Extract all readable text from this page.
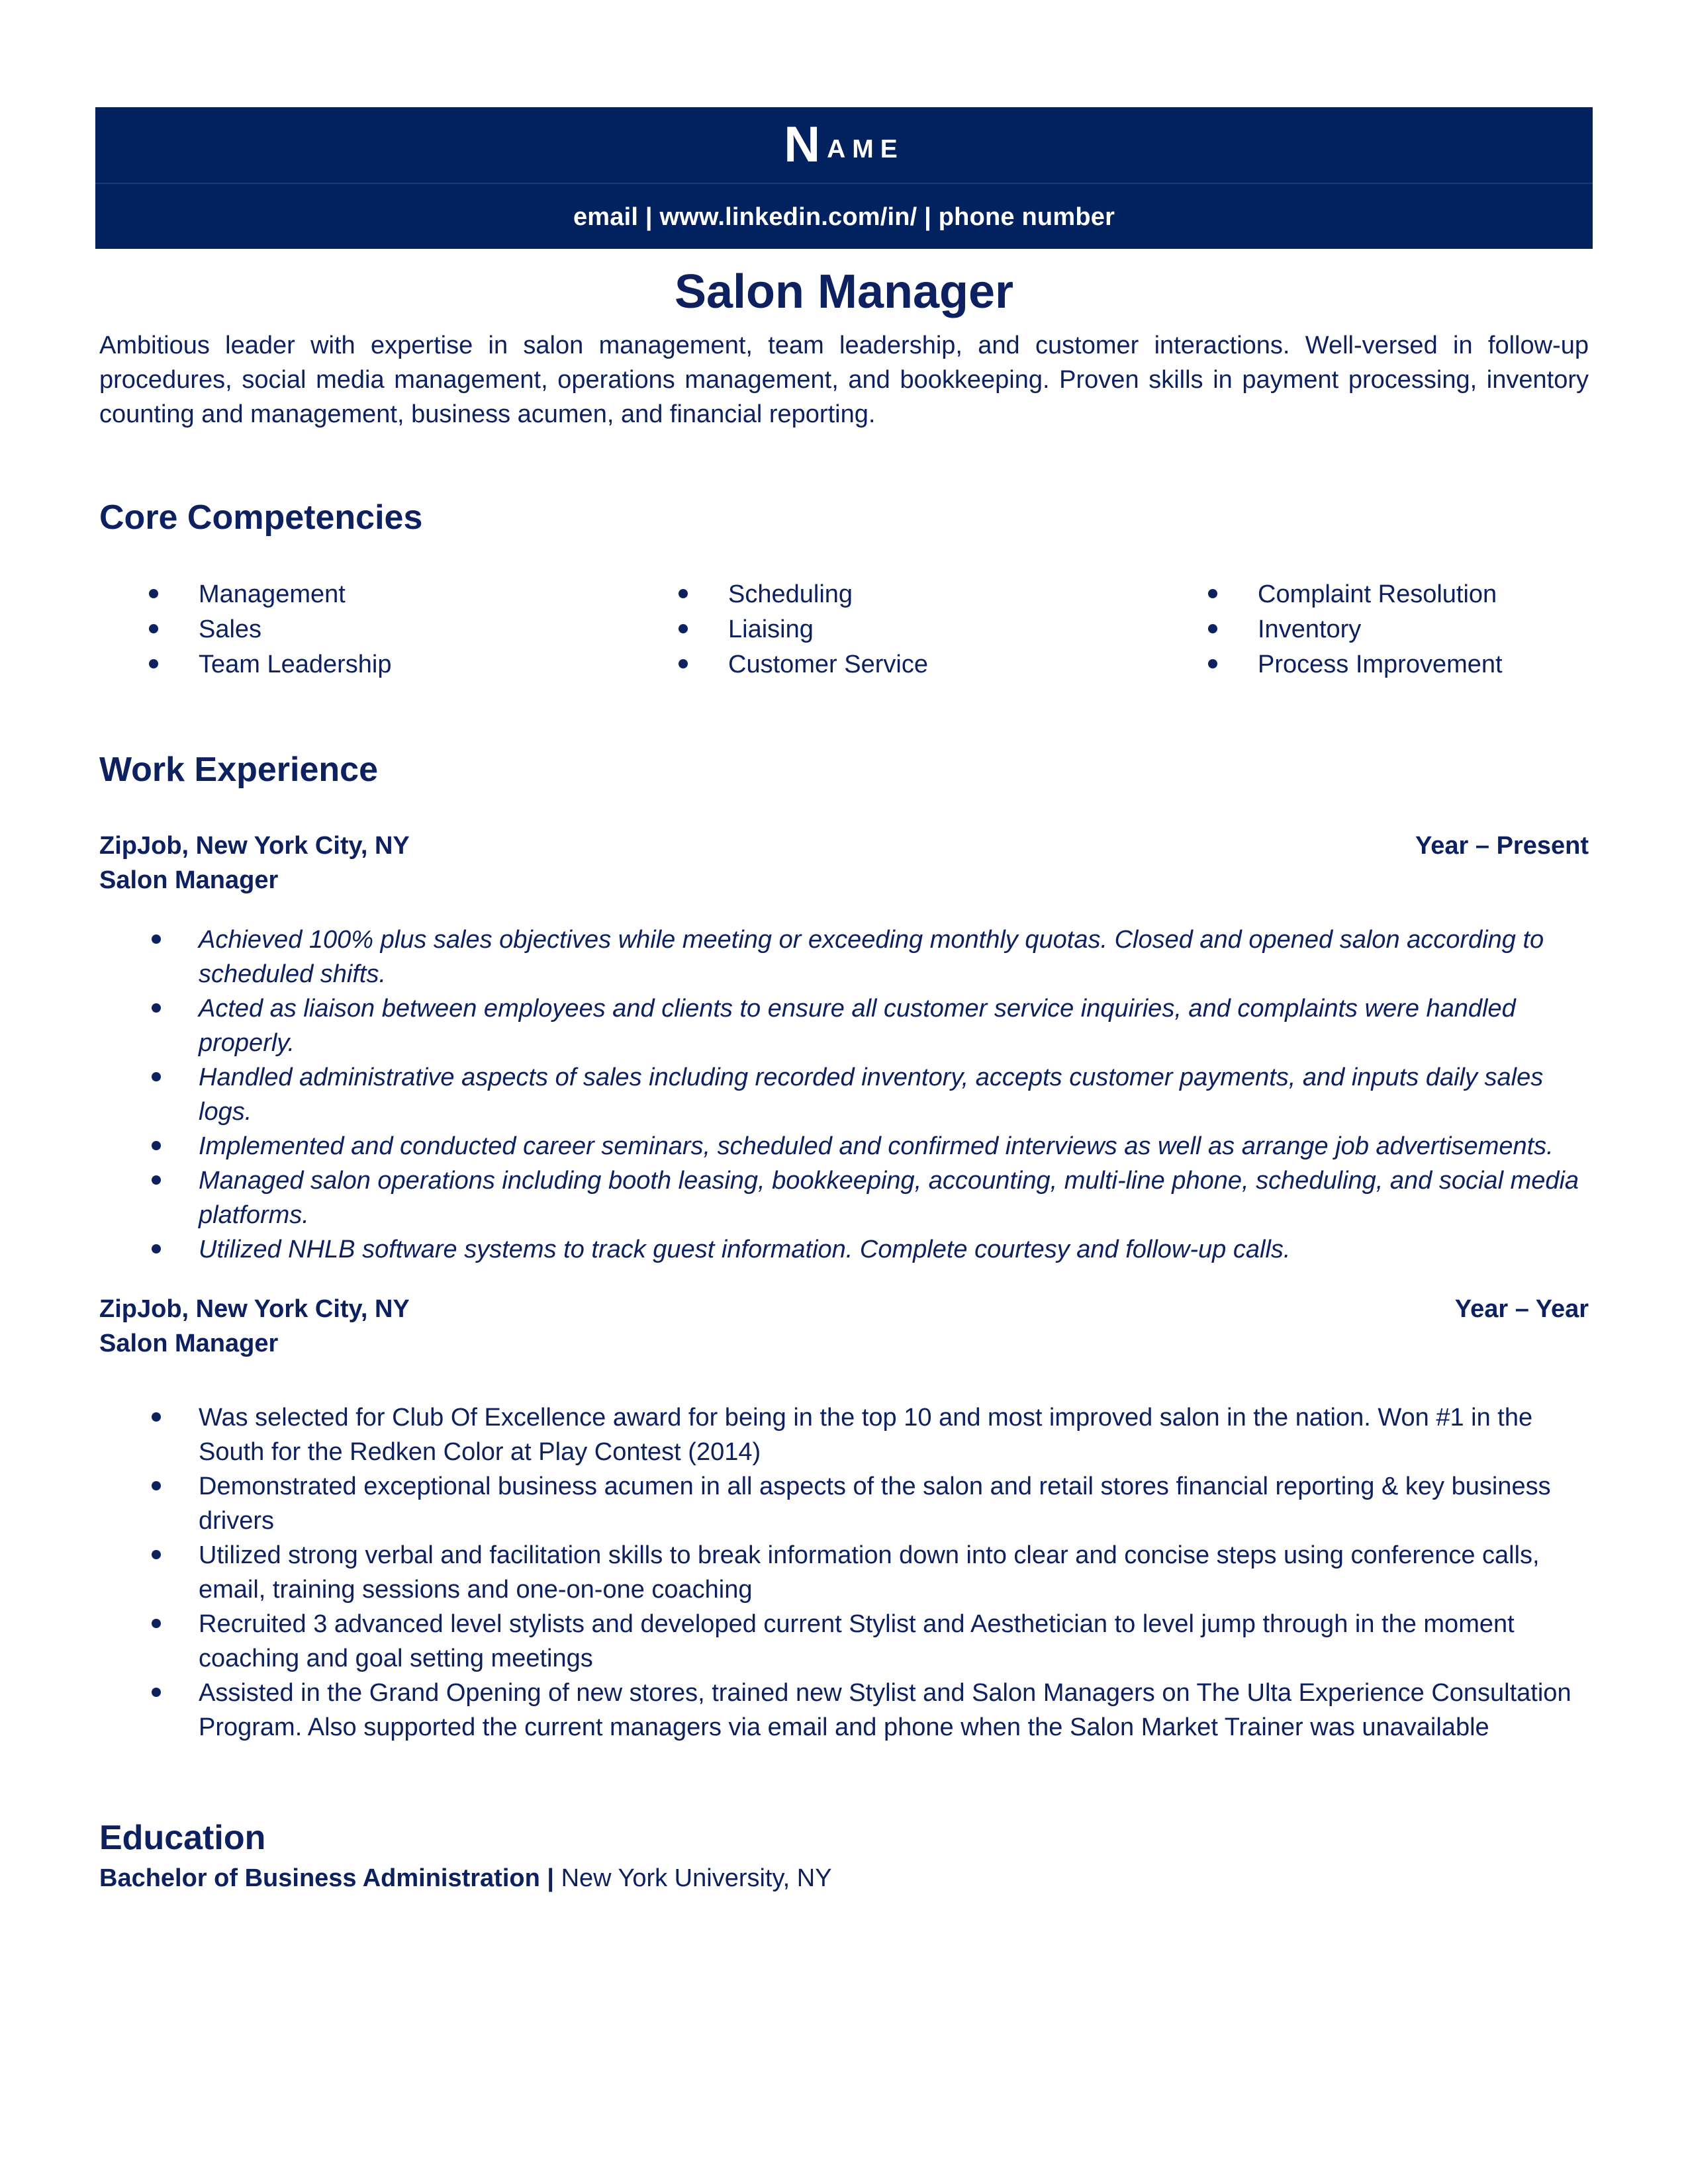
N ame
email | www.linkedin.com/in/ | phone number
Salon Manager
Ambitious leader with expertise in salon management, team leadership, and customer interactions. Well-versed in follow-up procedures, social media management, operations management, and bookkeeping. Proven skills in payment processing, inventory counting and management, business acumen, and financial reporting.
Core Competencies
Management
Sales
Team Leadership
Scheduling
Liaising
Customer Service
Complaint Resolution
Inventory
Process Improvement
Work Experience
ZipJob, New York City, NY	Year – Present
Salon Manager
Achieved 100% plus sales objectives while meeting or exceeding monthly quotas. Closed and opened salon according to scheduled shifts.
Acted as liaison between employees and clients to ensure all customer service inquiries, and complaints were handled properly.
Handled administrative aspects of sales including recorded inventory, accepts customer payments, and inputs daily sales logs.
Implemented and conducted career seminars, scheduled and confirmed interviews as well as arrange job advertisements.
Managed salon operations including booth leasing, bookkeeping, accounting, multi-line phone, scheduling, and social media platforms.
Utilized NHLB software systems to track guest information. Complete courtesy and follow-up calls.
ZipJob, New York City, NY	Year – Year
Salon Manager
Was selected for Club Of Excellence award for being in the top 10 and most improved salon in the nation. Won #1 in the South for the Redken Color at Play Contest (2014)
Demonstrated exceptional business acumen in all aspects of the salon and retail stores financial reporting & key business drivers
Utilized strong verbal and facilitation skills to break information down into clear and concise steps using conference calls, email, training sessions and one-on-one coaching
Recruited 3 advanced level stylists and developed current Stylist and Aesthetician to level jump through in the moment coaching and goal setting meetings
Assisted in the Grand Opening of new stores, trained new Stylist and Salon Managers on The Ulta Experience Consultation Program. Also supported the current managers via email and phone when the Salon Market Trainer was unavailable
Education
Bachelor of Business Administration | New York University, NY
